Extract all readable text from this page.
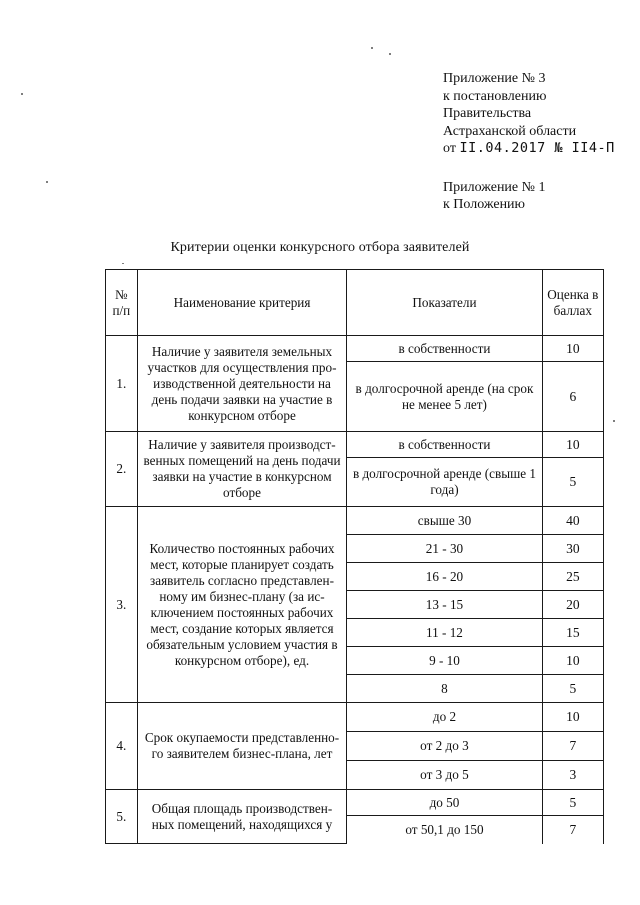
Приложение № 3
к постановлению
Правительства
Астраханской области
от II.04.2017 № II4-П
Приложение № 1
к Положению
Критерии оценки конкурсного отбора заявителей
№ п/п	Наименование критерия	Показатели	Оценка в баллах
1.	Наличие у заявителя земельных участков для осуществления про-изводственной деятельности на день подачи заявки на участие в конкурсном отборе	в собственности	10
		в долгосрочной аренде (на срок не менее 5 лет)	6
2.	Наличие у заявителя производст-венных помещений на день подачи заявки на участие в конкурсном отборе	в собственности	10
		в долгосрочной аренде (свыше 1 года)	5
3.	Количество постоянных рабочих мест, которые планирует создать заявитель согласно представлен-ному им бизнес-плану (за ис-ключением постоянных рабочих мест, создание которых является обязательным условием участия в конкурсном отборе), ед.	свыше 30	40
		21 - 30	30
		16 - 20	25
		13 - 15	20
		11 - 12	15
		9 - 10	10
		8	5
4.	Срок окупаемости представленно-го заявителем бизнес-плана, лет	до 2	10
		от 2 до 3	7
		от 3 до 5	3
5.	Общая площадь производствен-ных помещений, находящихся у	до 50	5
		от 50,1 до 150	7
